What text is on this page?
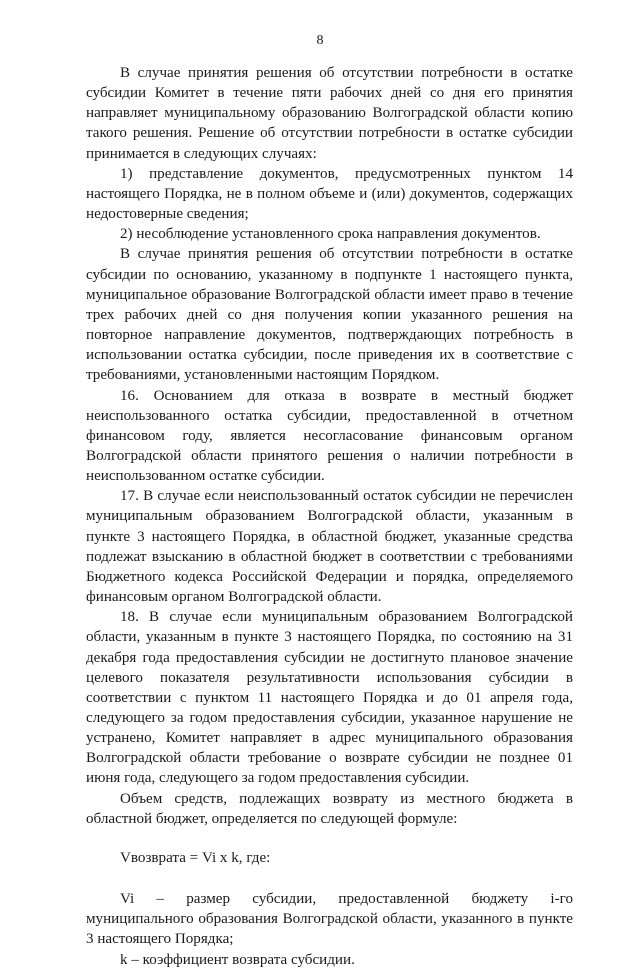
8

В случае принятия решения об отсутствии потребности в остатке субсидии Комитет в течение пяти рабочих дней со дня его принятия направляет муниципальному образованию Волгоградской области копию такого решения. Решение об отсутствии потребности в остатке субсидии принимается в следующих случаях:

1) представление документов, предусмотренных пунктом 14 настоящего Порядка, не в полном объеме и (или) документов, содержащих недостоверные сведения;

2) несоблюдение установленного срока направления документов.

В случае принятия решения об отсутствии потребности в остатке субсидии по основанию, указанному в подпункте 1 настоящего пункта, муниципальное образование Волгоградской области имеет право в течение трех рабочих дней со дня получения копии указанного решения на повторное направление документов, подтверждающих потребность в использовании остатка субсидии, после приведения их в соответствие с требованиями, установленными настоящим Порядком.

16. Основанием для отказа в возврате в местный бюджет неиспользованного остатка субсидии, предоставленной в отчетном финансовом году, является несогласование финансовым органом Волгоградской области принятого решения о наличии потребности в неиспользованном остатке субсидии.

17. В случае если неиспользованный остаток субсидии не перечислен муниципальным образованием Волгоградской области, указанным в пункте 3 настоящего Порядка, в областной бюджет, указанные средства подлежат взысканию в областной бюджет в соответствии с требованиями Бюджетного кодекса Российской Федерации и порядка, определяемого финансовым органом Волгоградской области.

18. В случае если муниципальным образованием Волгоградской области, указанным в пункте 3 настоящего Порядка, по состоянию на 31 декабря года предоставления субсидии не достигнуто плановое значение целевого показателя результативности использования субсидии в соответствии с пунктом 11 настоящего Порядка и до 01 апреля года, следующего за годом предоставления субсидии, указанное нарушение не устранено, Комитет направляет в адрес муниципального образования Волгоградской области требование о возврате субсидии не позднее 01 июня года, следующего за годом предоставления субсидии.

Объем средств, подлежащих возврату из местного бюджета в областной бюджет, определяется по следующей формуле:

Vвозврата = Vi x k, где:

Vi – размер субсидии, предоставленной бюджету i-го муниципального образования Волгоградской области, указанного в пункте 3 настоящего Порядка;

k – коэффициент возврата субсидии.
